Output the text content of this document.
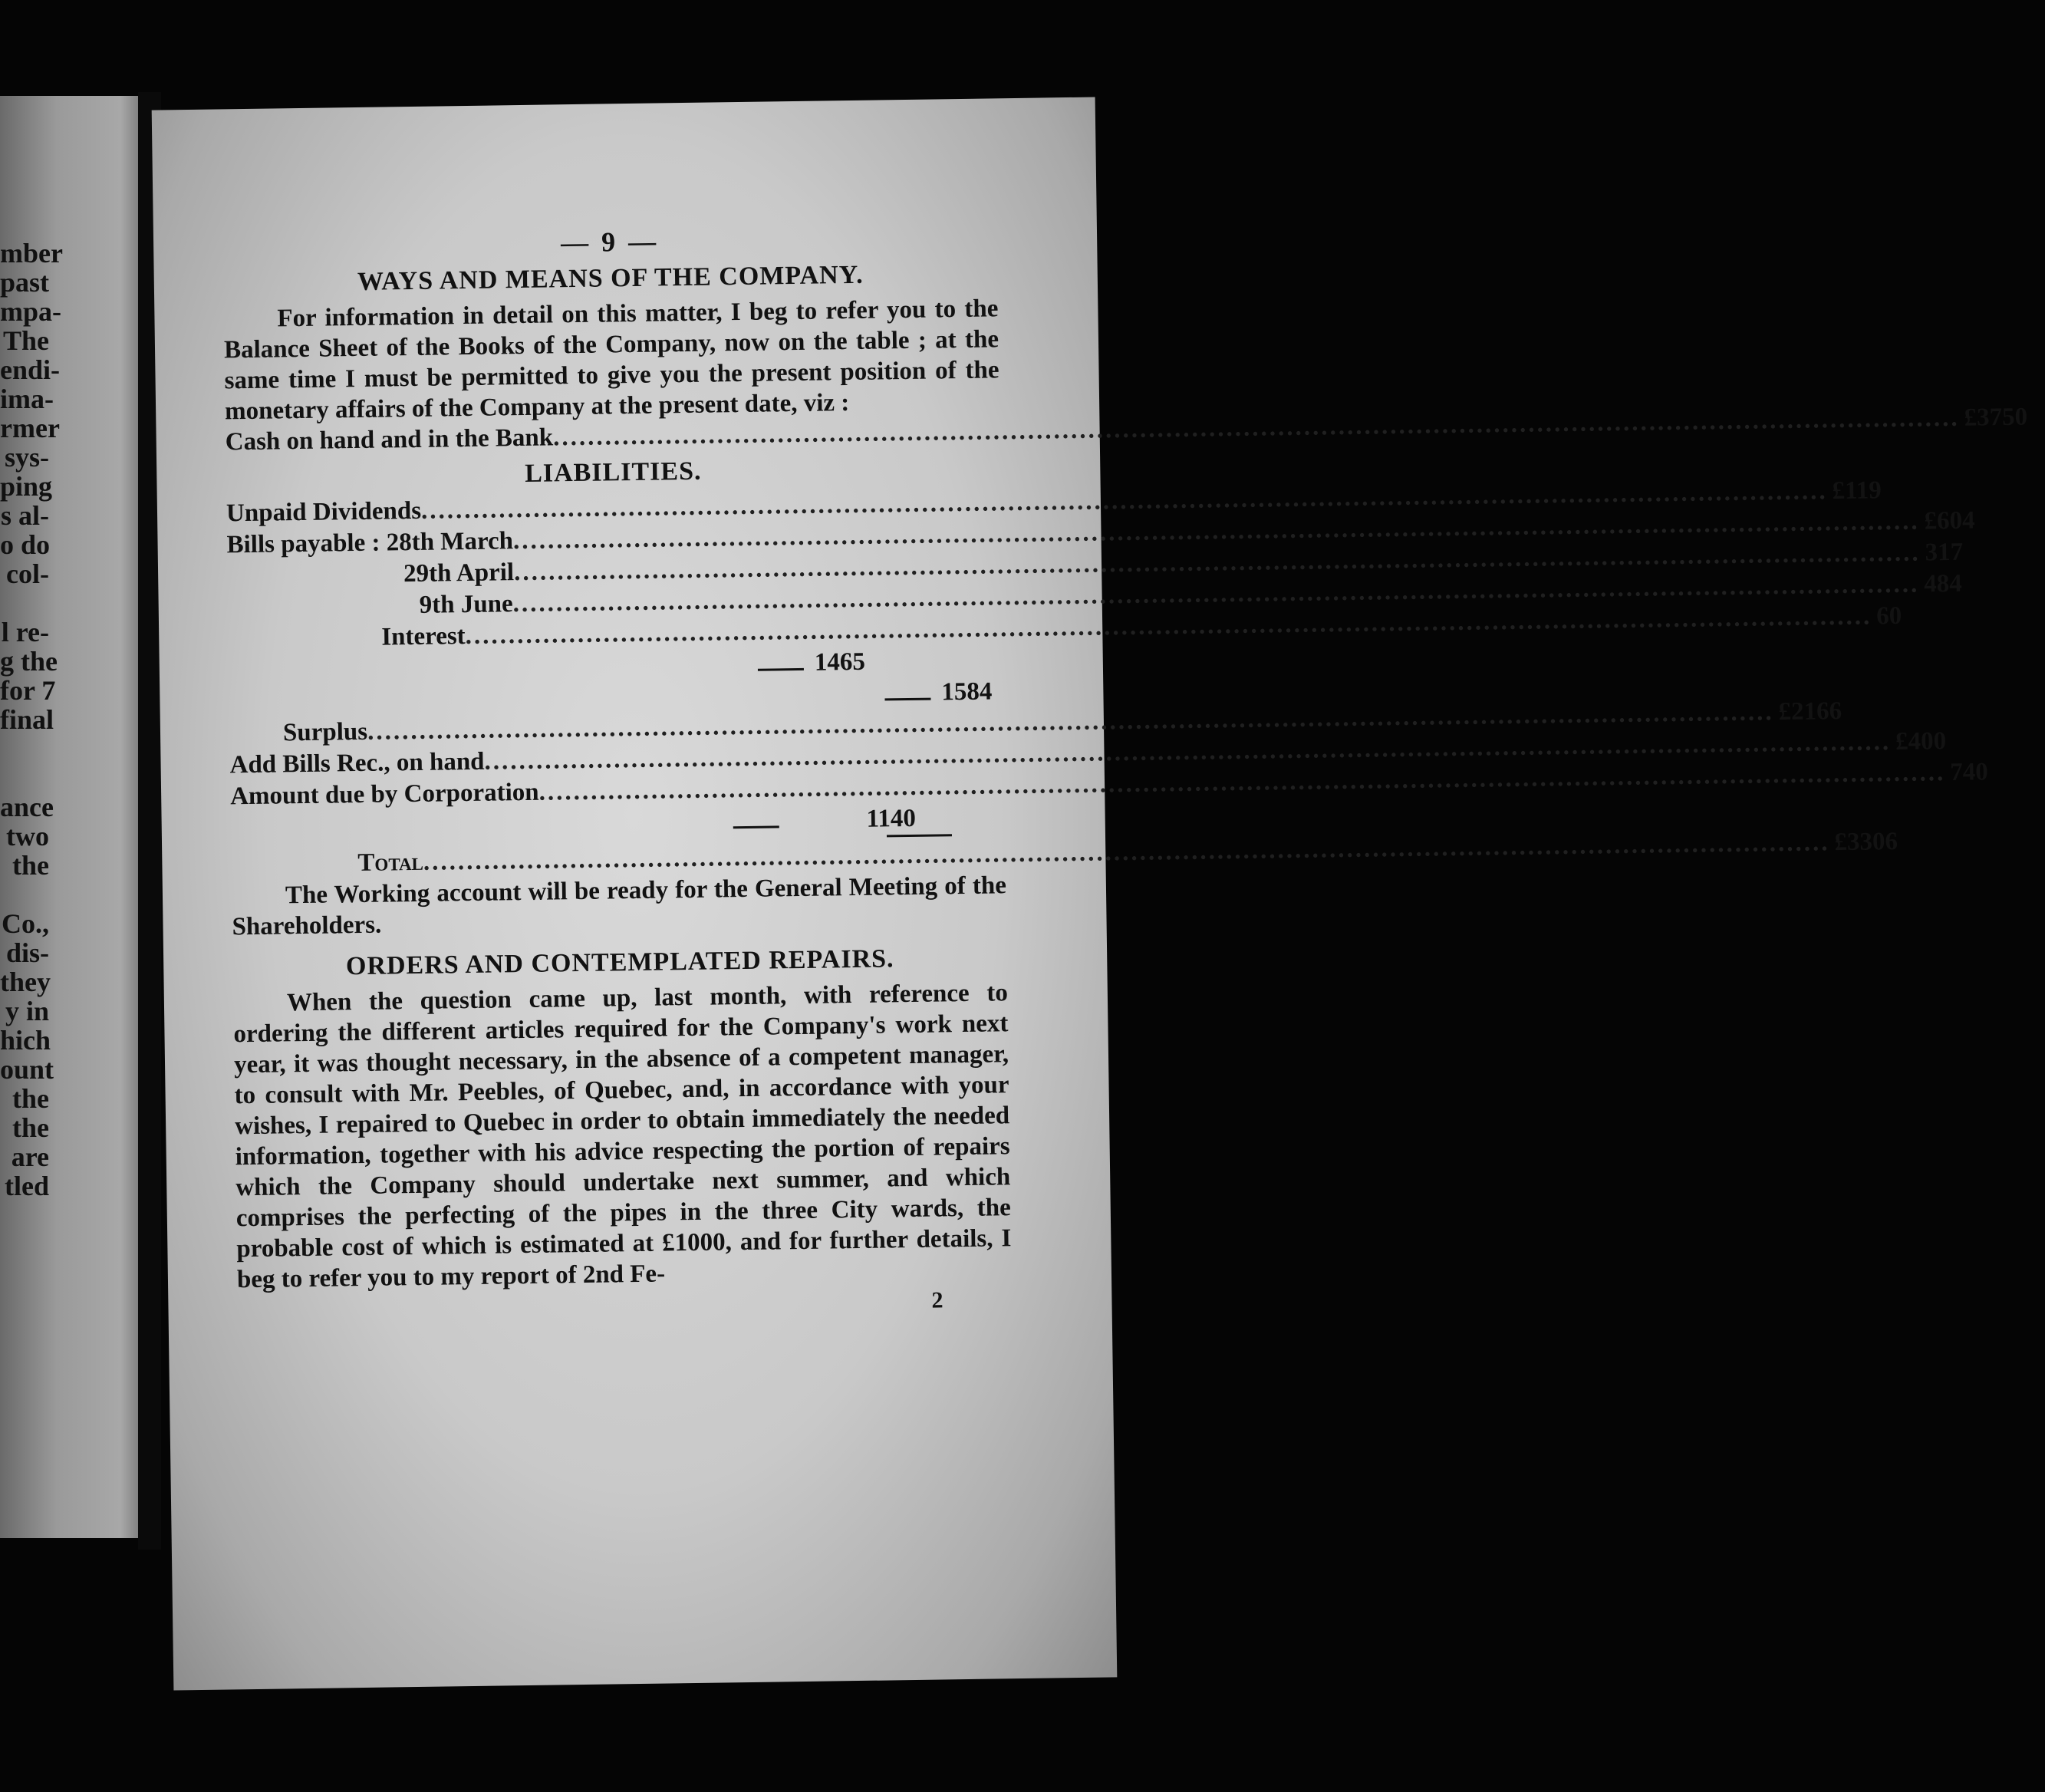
mber
past
mpa-
The
endi-
ima-
rmer
sys-
ping
s al-
o do
col-
l re-
g the
for 7
final
ance
two
the
Co.,
dis-
they
y in
hich
ount
the
the
are
tled
— 9 —
WAYS AND MEANS OF THE COMPANY.

For information in detail on this matter, I beg to refer you to the Balance Sheet of the Books of the Company, now on the table ; at the same time I must be permitted to give you the present position of the monetary affairs of the Company at the present date, viz :

Cash on hand and in the Bank
.....
£3750
LIABILITIES.
Unpaid Dividends
.....
£119
Bills payable : 28th March
.....
£604
29th April
.....
317
9th June
.....
484
Interest
.....
60
1465
1584
Surplus
.....
£2166
Add Bills Rec., on hand
.....
£400
Amount due by Corporation
.....
740
1140
Total
.....
£3306

The Working account will be ready for the General Meeting of the Shareholders.

ORDERS AND CONTEMPLATED REPAIRS.

When the question came up, last month, with reference to ordering the different articles required for the Company's work next year, it was thought necessary, in the absence of a competent manager, to consult with Mr. Peebles, of Quebec, and, in accordance with your wishes, I repaired to Quebec in order to obtain immediately the needed information, together with his advice respecting the portion of repairs which the Company should undertake next summer, and which comprises the perfecting of the pipes in the three City wards, the probable cost of which is estimated at £1000, and for further details, I beg to refer you to my report of 2nd Fe-

2
